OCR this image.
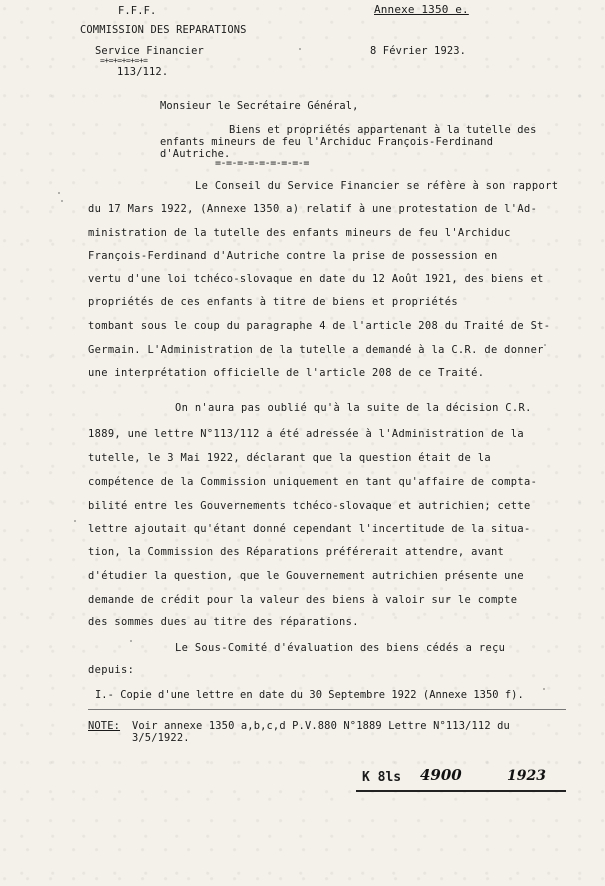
F.F.F.	Annexe 1350 e.
COMMISSION DES REPARATIONS
Service Financier	8 Février 1923.
=+=+=+=+=+=
113/112.
Monsieur le Secrétaire Général,
Biens et propriétés appartenant à la tutelle des
enfants mineurs de feu l'Archiduc François-Ferdinand
d'Autriche.
=-=-=-=-=-=-=-=-=
Le Conseil du Service Financier se réfère à son rapport
du 17 Mars 1922, (Annexe 1350 a) relatif à une protestation de l'Ad-
ministration de la tutelle des enfants mineurs de feu l'Archiduc
François-Ferdinand d'Autriche contre la prise de possession en
vertu d'une loi tchéco-slovaque en date du 12 Août 1921, des biens et
propriétés de ces enfants à titre de biens et propriétés
tombant sous le coup du paragraphe 4 de l'article 208 du Traité de St-
Germain. L'Administration de la tutelle a demandé à la C.R. de donner
une interprétation officielle de l'article 208 de ce Traité.
On n'aura pas oublié qu'à la suite de la décision C.R.
1889, une lettre N°113/112 a été adressée à l'Administration de la
tutelle, le 3 Mai 1922, déclarant que la question était de la
compétence de la Commission uniquement en tant qu'affaire de compta-
bilité entre les Gouvernements tchéco-slovaque et autrichien; cette
lettre ajoutait qu'étant donné cependant l'incertitude de la situa-
tion, la Commission des Réparations préférerait attendre, avant
d'étudier la question, que le Gouvernement autrichien présente une
demande de crédit pour la valeur des biens à valoir sur le compte
des sommes dues au titre des réparations.
Le Sous-Comité d'évaluation des biens cédés a reçu
depuis:
I.- Copie d'une lettre en date du 30 Septembre 1922 (Annexe 1350 f).
NOTE: Voir annexe 1350 a,b,c,d P.V.880 N°1889 Lettre N°113/112 du
3/5/1922.
K 8ls 4900	1923
